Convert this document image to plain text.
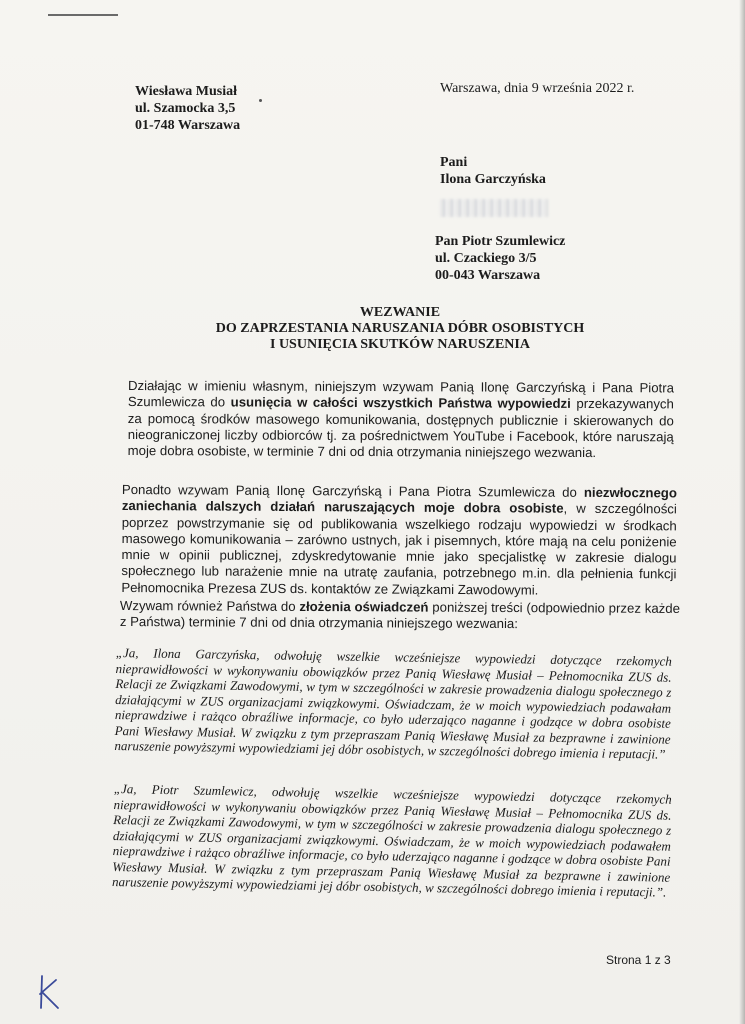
Wiesława Musiał
ul. Szamocka 3,5
01-748 Warszawa
Warszawa, dnia 9 września 2022 r.
Pani
Ilona Garczyńska
Pan Piotr Szumlewicz
ul. Czackiego 3/5
00-043 Warszawa
WEZWANIE
DO ZAPRZESTANIA NARUSZANIA DÓBR OSOBISTYCH
I USUNIĘCIA SKUTKÓW NARUSZENIA
Działając w imieniu własnym, niniejszym wzywam Panią Ilonę Garczyńską i Pana Piotra Szumlewicza do usunięcia w całości wszystkich Państwa wypowiedzi przekazywanych za pomocą środków masowego komunikowania, dostępnych publicznie i skierowanych do nieograniczonej liczby odbiorców tj. za pośrednictwem YouTube i Facebook, które naruszają moje dobra osobiste, w terminie 7 dni od dnia otrzymania niniejszego wezwania.
Ponadto wzywam Panią Ilonę Garczyńską i Pana Piotra Szumlewicza do niezwłocznego zaniechania dalszych działań naruszających moje dobra osobiste, w szczególności poprzez powstrzymanie się od publikowania wszelkiego rodzaju wypowiedzi w środkach masowego komunikowania – zarówno ustnych, jak i pisemnych, które mają na celu poniżenie mnie w opinii publicznej, zdyskredytowanie mnie jako specjalistkę w zakresie dialogu społecznego lub narażenie mnie na utratę zaufania, potrzebnego m.in. dla pełnienia funkcji Pełnomocnika Prezesa ZUS ds. kontaktów ze Związkami Zawodowymi.
Wzywam również Państwa do złożenia oświadczeń poniższej treści (odpowiednio przez każde z Państwa) terminie 7 dni od dnia otrzymania niniejszego wezwania:
„Ja, Ilona Garczyńska, odwołuję wszelkie wcześniejsze wypowiedzi dotyczące rzekomych nieprawidłowości w wykonywaniu obowiązków przez Panią Wiesławę Musiał – Pełnomocnika ZUS ds. Relacji ze Związkami Zawodowymi, w tym w szczególności w zakresie prowadzenia dialogu społecznego z działającymi w ZUS organizacjami związkowymi. Oświadczam, że w moich wypowiedziach podawałam nieprawdziwe i rażąco obraźliwe informacje, co było uderzająco naganne i godzące w dobra osobiste Pani Wiesławy Musiał. W związku z tym przepraszam Panią Wiesławę Musiał za bezprawne i zawinione naruszenie powyższymi wypowiedziami jej dóbr osobistych, w szczególności dobrego imienia i reputacji.”
„Ja, Piotr Szumlewicz, odwołuję wszelkie wcześniejsze wypowiedzi dotyczące rzekomych nieprawidłowości w wykonywaniu obowiązków przez Panią Wiesławę Musiał – Pełnomocnika ZUS ds. Relacji ze Związkami Zawodowymi, w tym w szczególności w zakresie prowadzenia dialogu społecznego z działającymi w ZUS organizacjami związkowymi. Oświadczam, że w moich wypowiedziach podawałem nieprawdziwe i rażąco obraźliwe informacje, co było uderzająco naganne i godzące w dobra osobiste Pani Wiesławy Musiał. W związku z tym przepraszam Panią Wiesławę Musiał za bezprawne i zawinione naruszenie powyższymi wypowiedziami jej dóbr osobistych, w szczególności dobrego imienia i reputacji.”.
Strona 1 z 3
